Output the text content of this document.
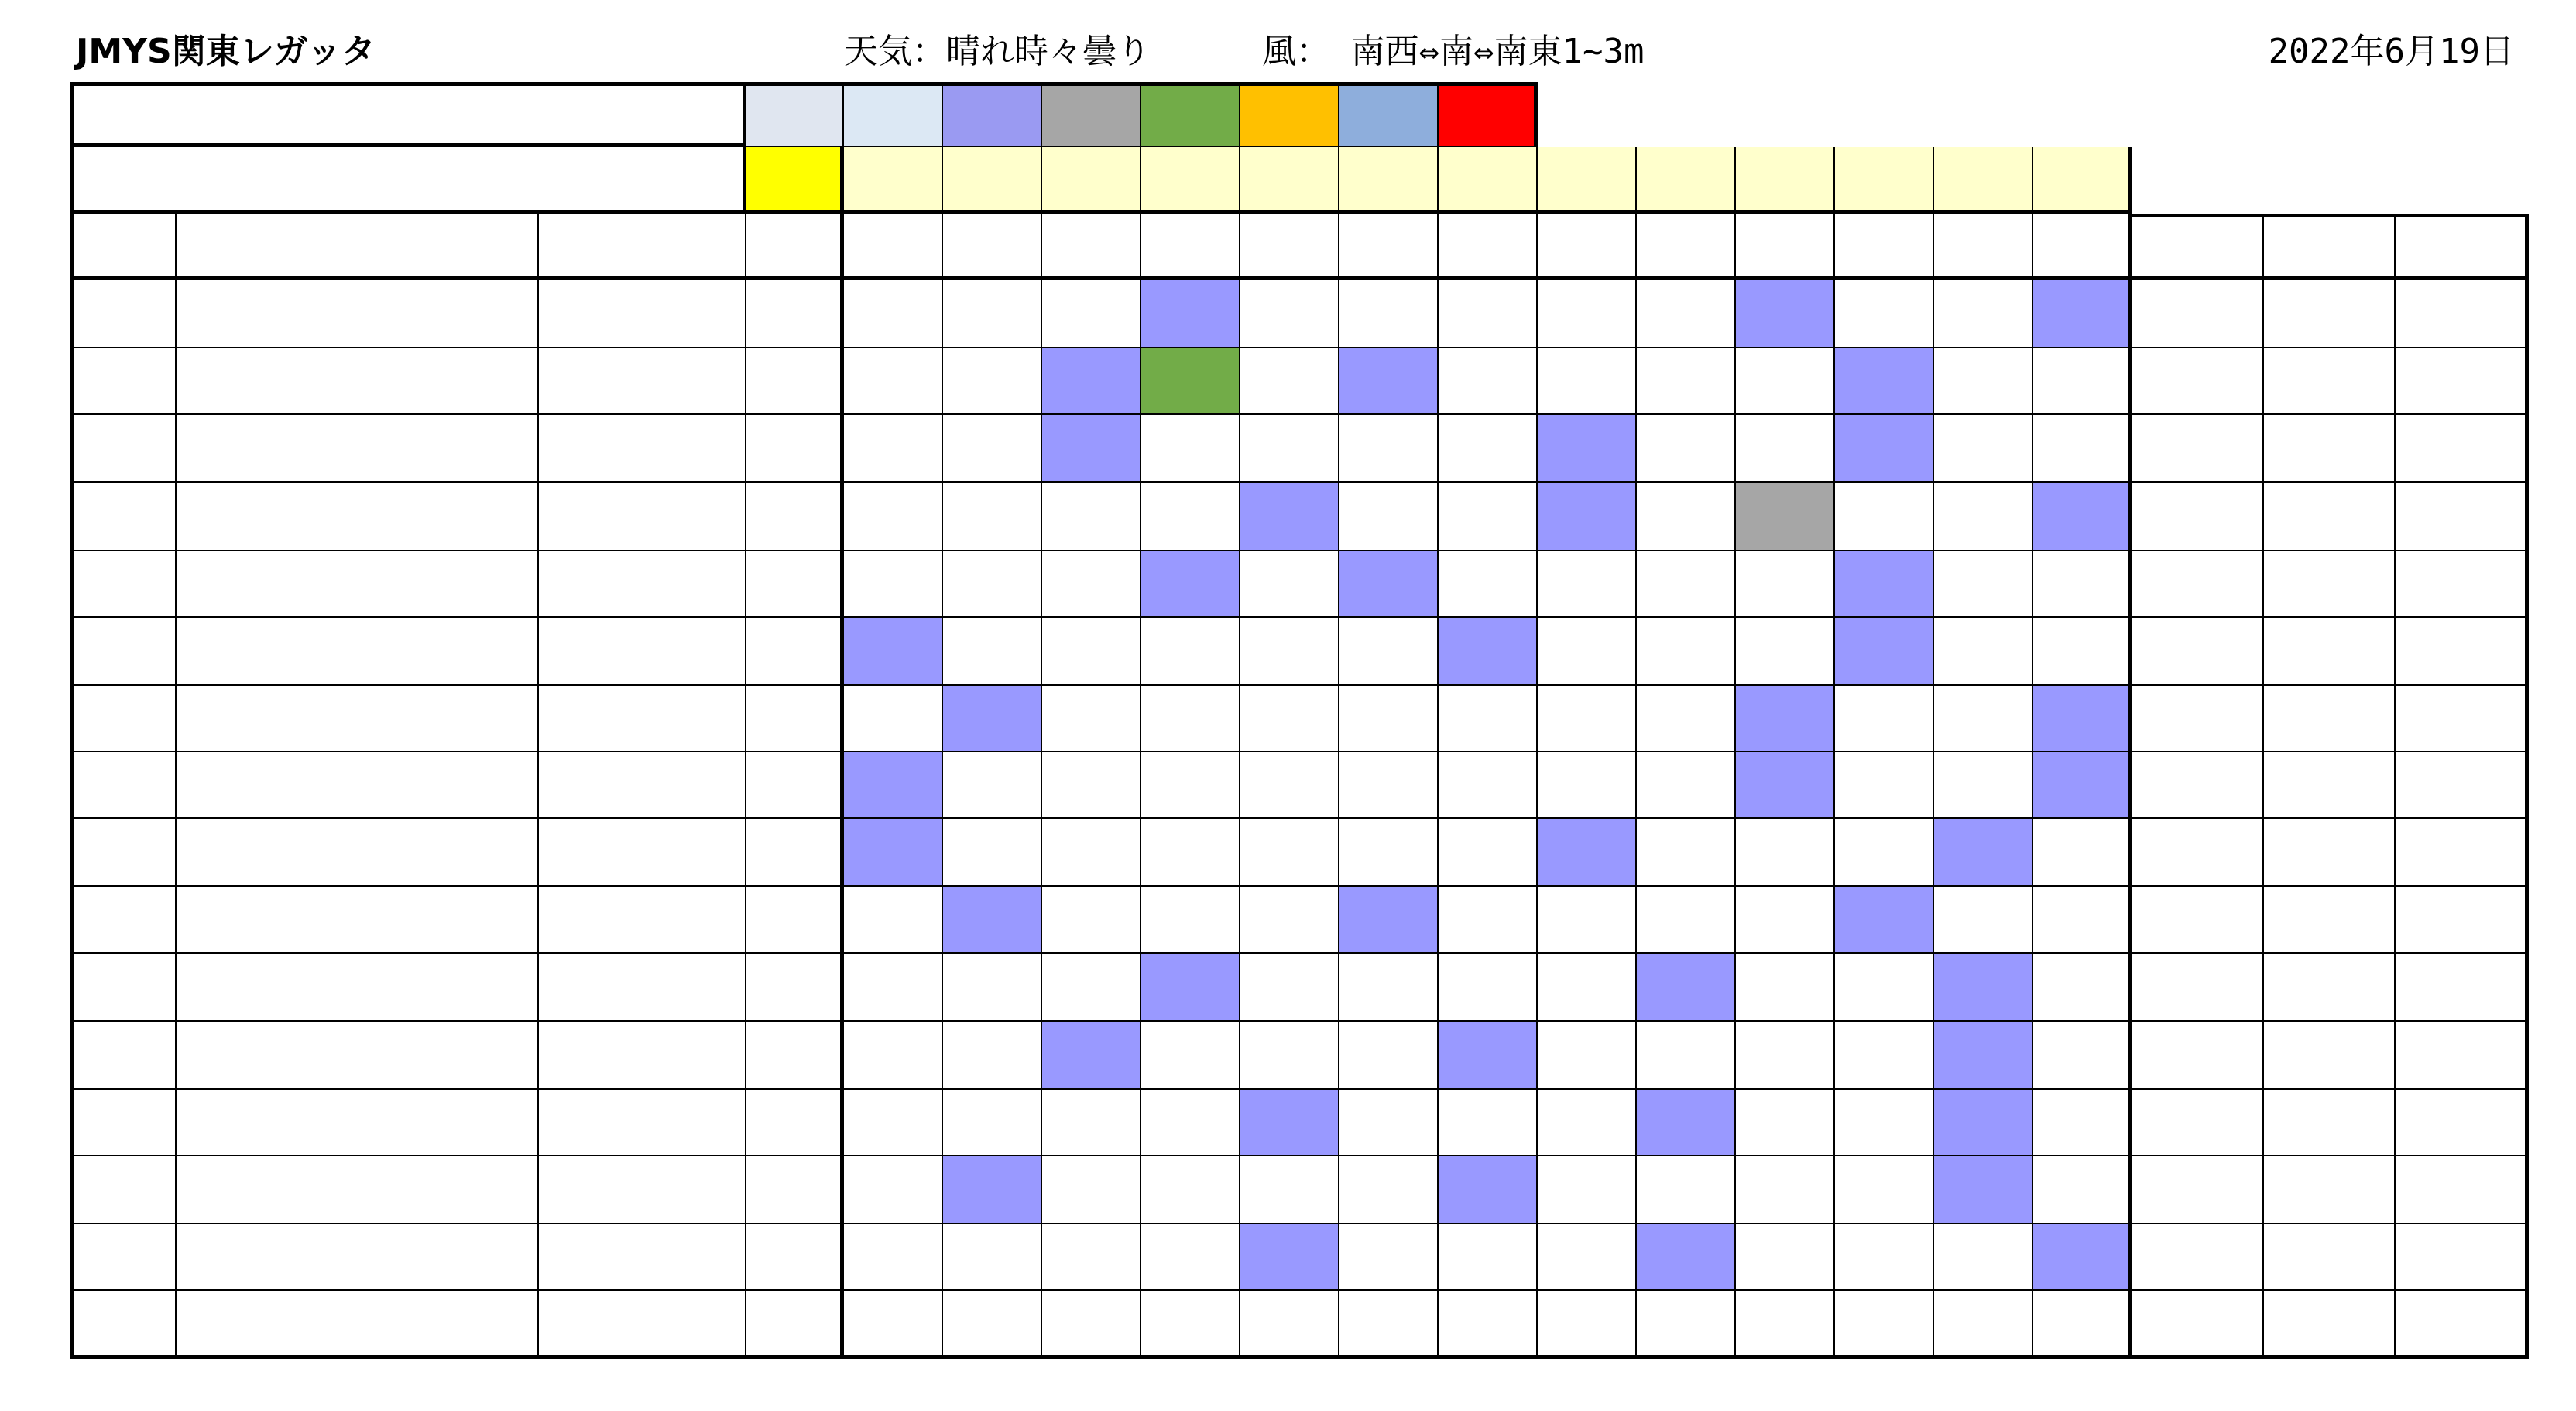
JMYS関東レガッタ	天気：晴れ時々曇り	風： 南西⇔南⇔南東1~3m	2022年6月19日
